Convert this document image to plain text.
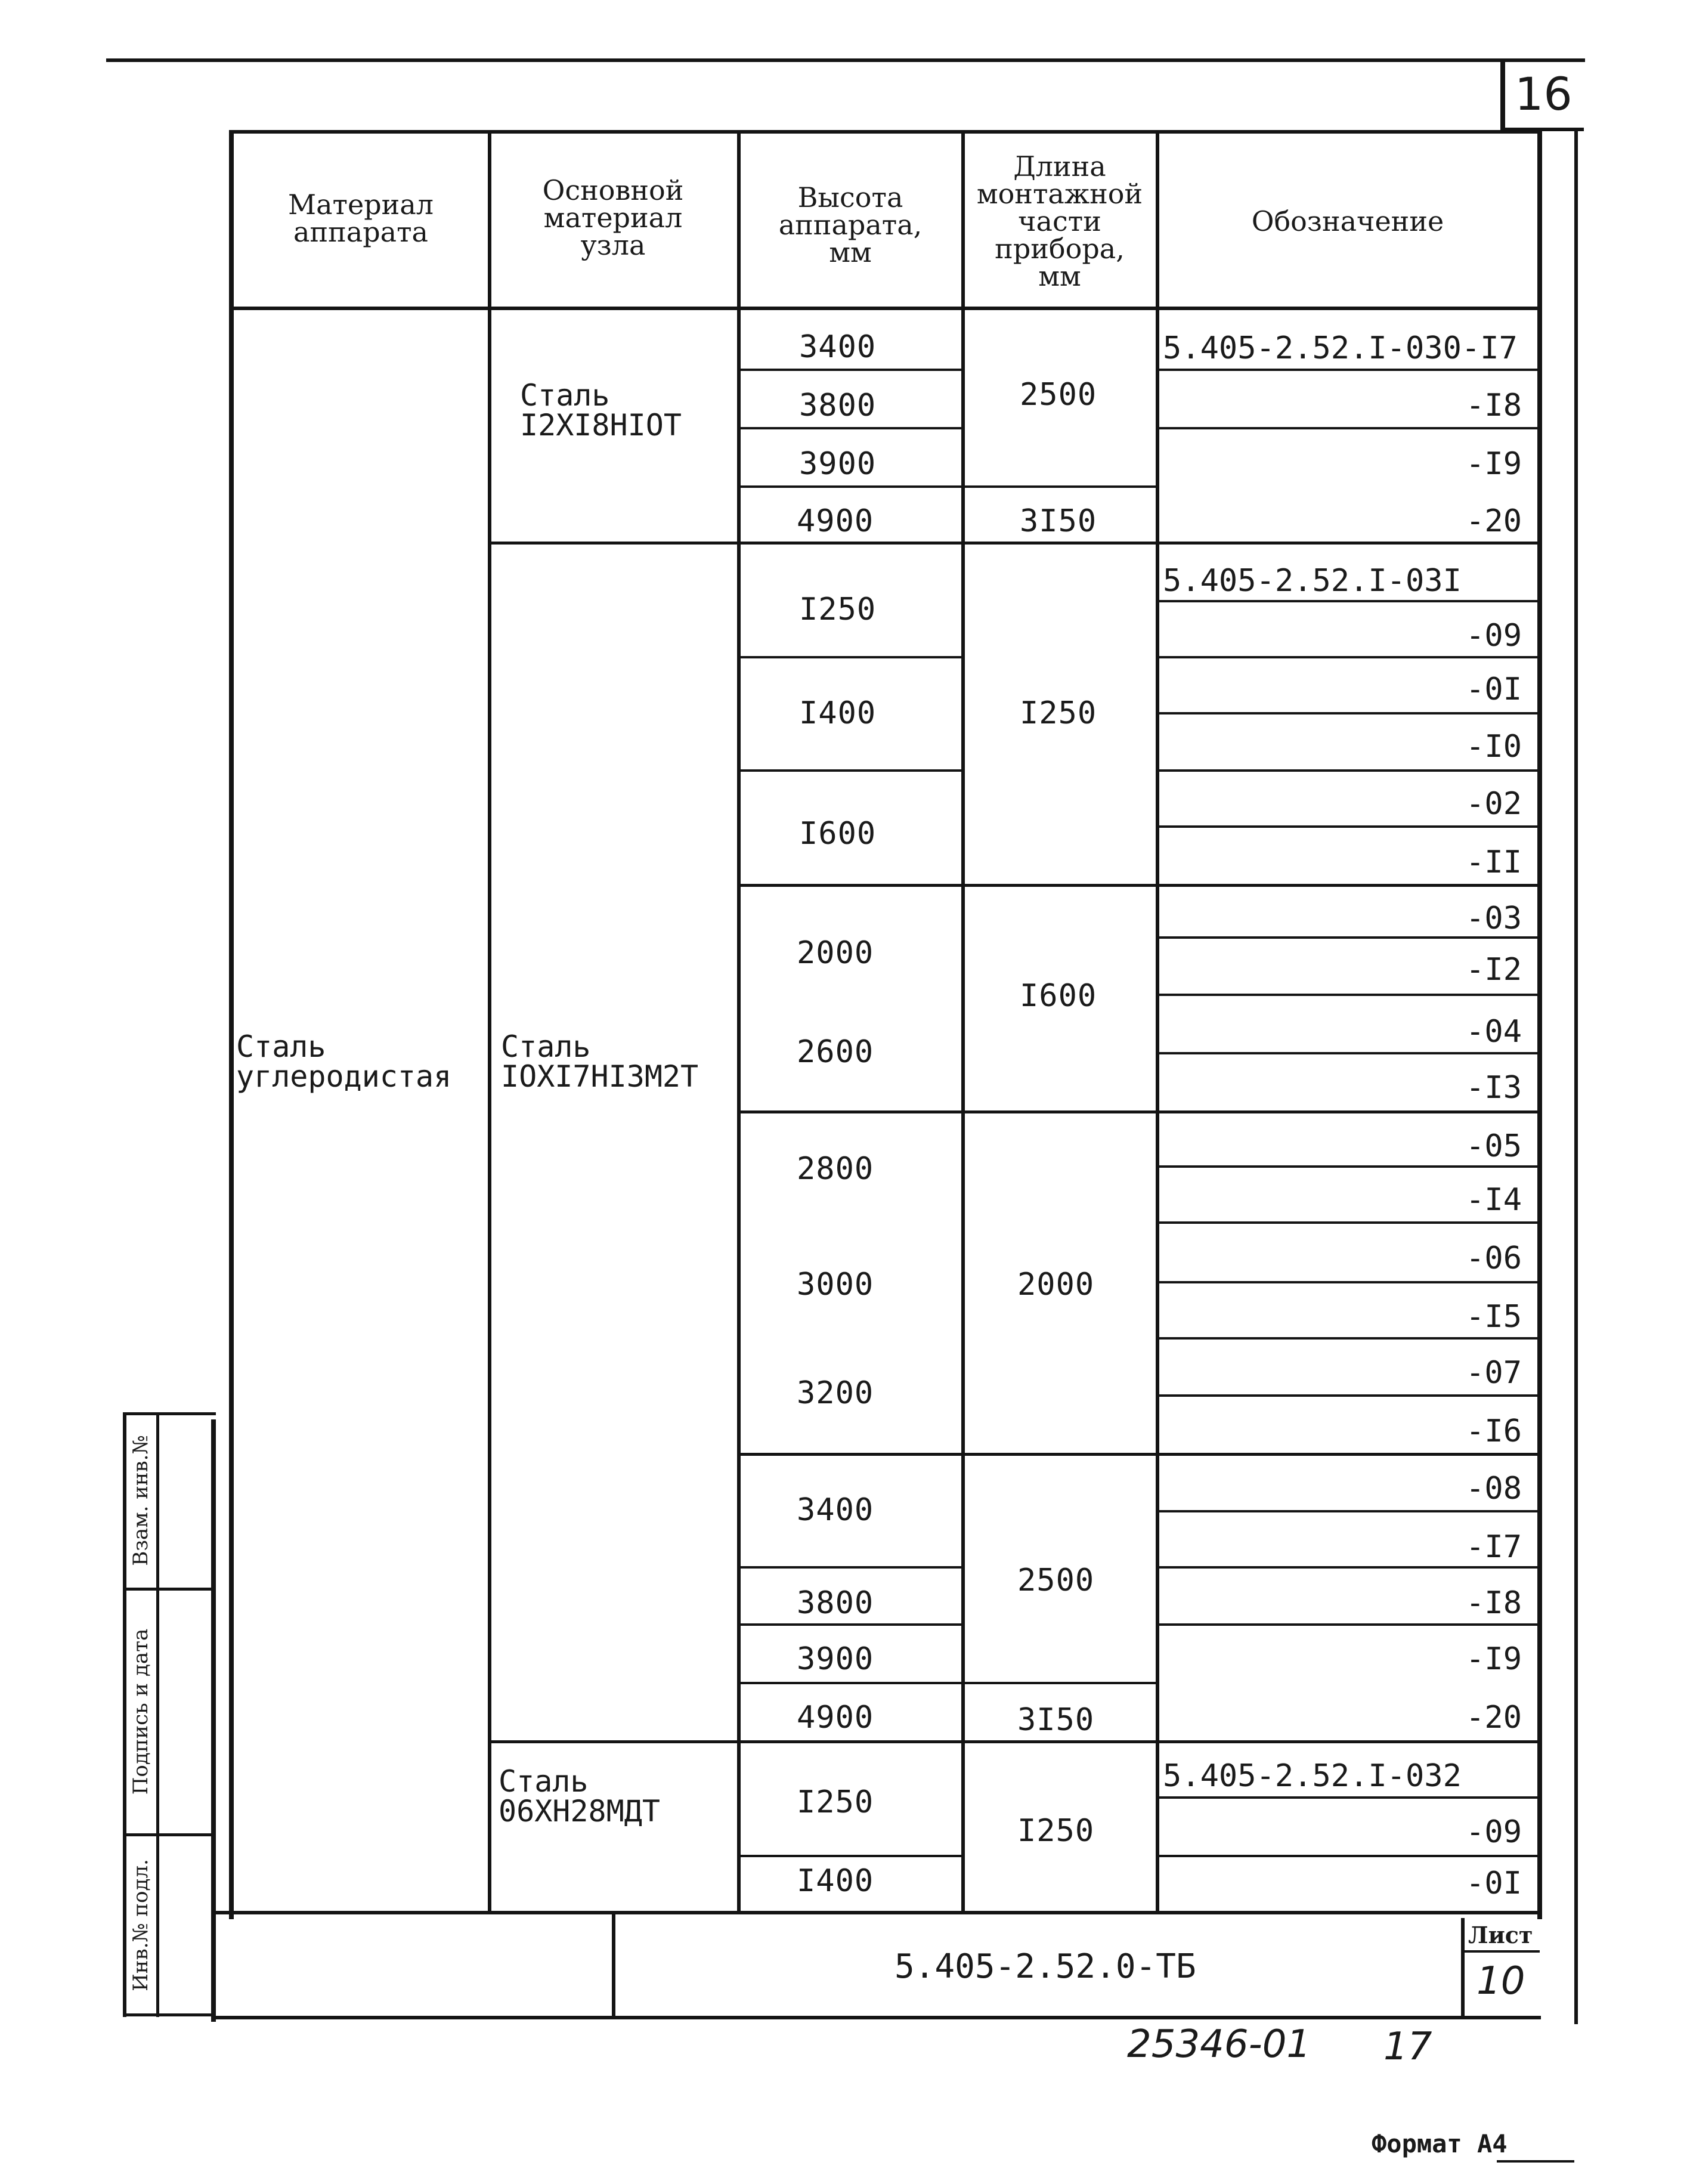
16
Материал
аппарата
Основной
материал
узла
Высота
аппарата,
мм
Длина
монтажной
части
прибора,
мм
Обозначение
Сталь
углеродистая
Сталь
I2XI8HIOT
Сталь
IOXI7HI3M2T
Сталь
06XH28МДТ
3400
3800
3900
4900
I250
I400
I600
2000
2600
2800
3000
3200
3400
3800
3900
4900
I250
I400
2500
3I50
I250
I600
2000
2500
3I50
I250
5.405-2.52.I-030-I7
-I8
-I9
-20
5.405-2.52.I-03I
-09
-0I
-I0
-02
-II
-03
-I2
-04
-I3
-05
-I4
-06
-I5
-07
-I6
-08
-I7
-I8
-I9
-20
5.405-2.52.I-032
-09
-0I
5.405-2.52.0-ТБ
Лист
10
Взам. инв.№
Подпись и дата
Инв.№ подл.
25346-01 17
Формат А4
